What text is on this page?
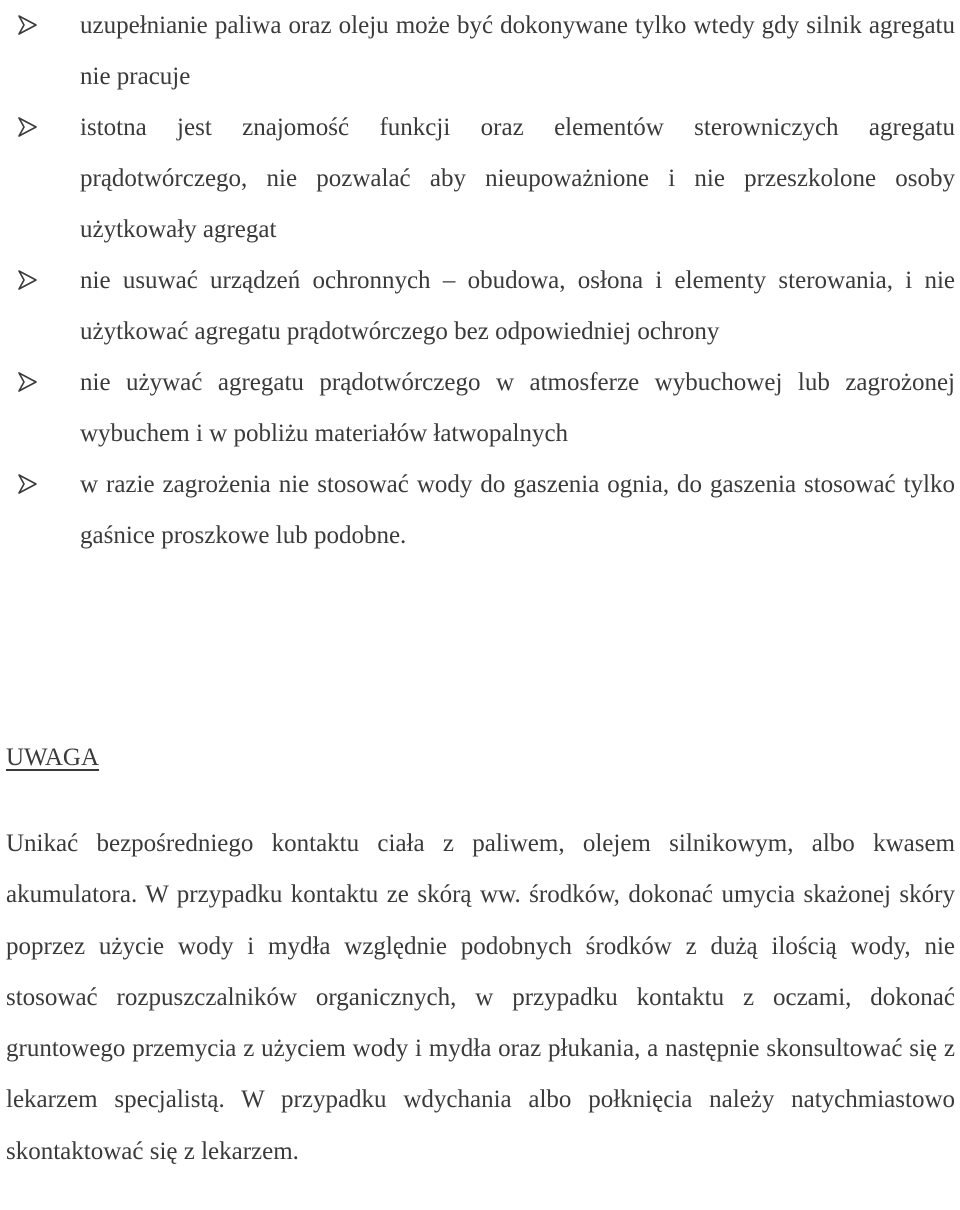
uzupełnianie paliwa oraz oleju może być dokonywane tylko wtedy gdy silnik agregatu nie pracuje
istotna jest znajomość funkcji oraz elementów sterowniczych agregatu prądotwórczego, nie pozwalać aby nieupoważnione i nie przeszkolone osoby użytkowały agregat
nie usuwać urządzeń ochronnych – obudowa, osłona i elementy sterowania, i nie użytkować agregatu prądotwórczego bez odpowiedniej ochrony
nie używać agregatu prądotwórczego w atmosferze wybuchowej lub zagrożonej wybuchem i w pobliżu materiałów łatwopalnych
w razie zagrożenia nie stosować wody do gaszenia ognia, do gaszenia stosować tylko gaśnice proszkowe lub podobne.
UWAGA

Unikać bezpośredniego kontaktu ciała z paliwem, olejem silnikowym, albo kwasem akumulatora. W przypadku kontaktu ze skórą ww. środków, dokonać umycia skażonej skóry poprzez użycie wody i mydła względnie podobnych środków z dużą ilością wody, nie stosować rozpuszczalników organicznych, w przypadku kontaktu z oczami, dokonać gruntowego przemycia z użyciem wody i mydła oraz płukania, a następnie skonsultować się z lekarzem specjalistą. W przypadku wdychania albo połknięcia należy natychmiastowo skontaktować się z lekarzem.
